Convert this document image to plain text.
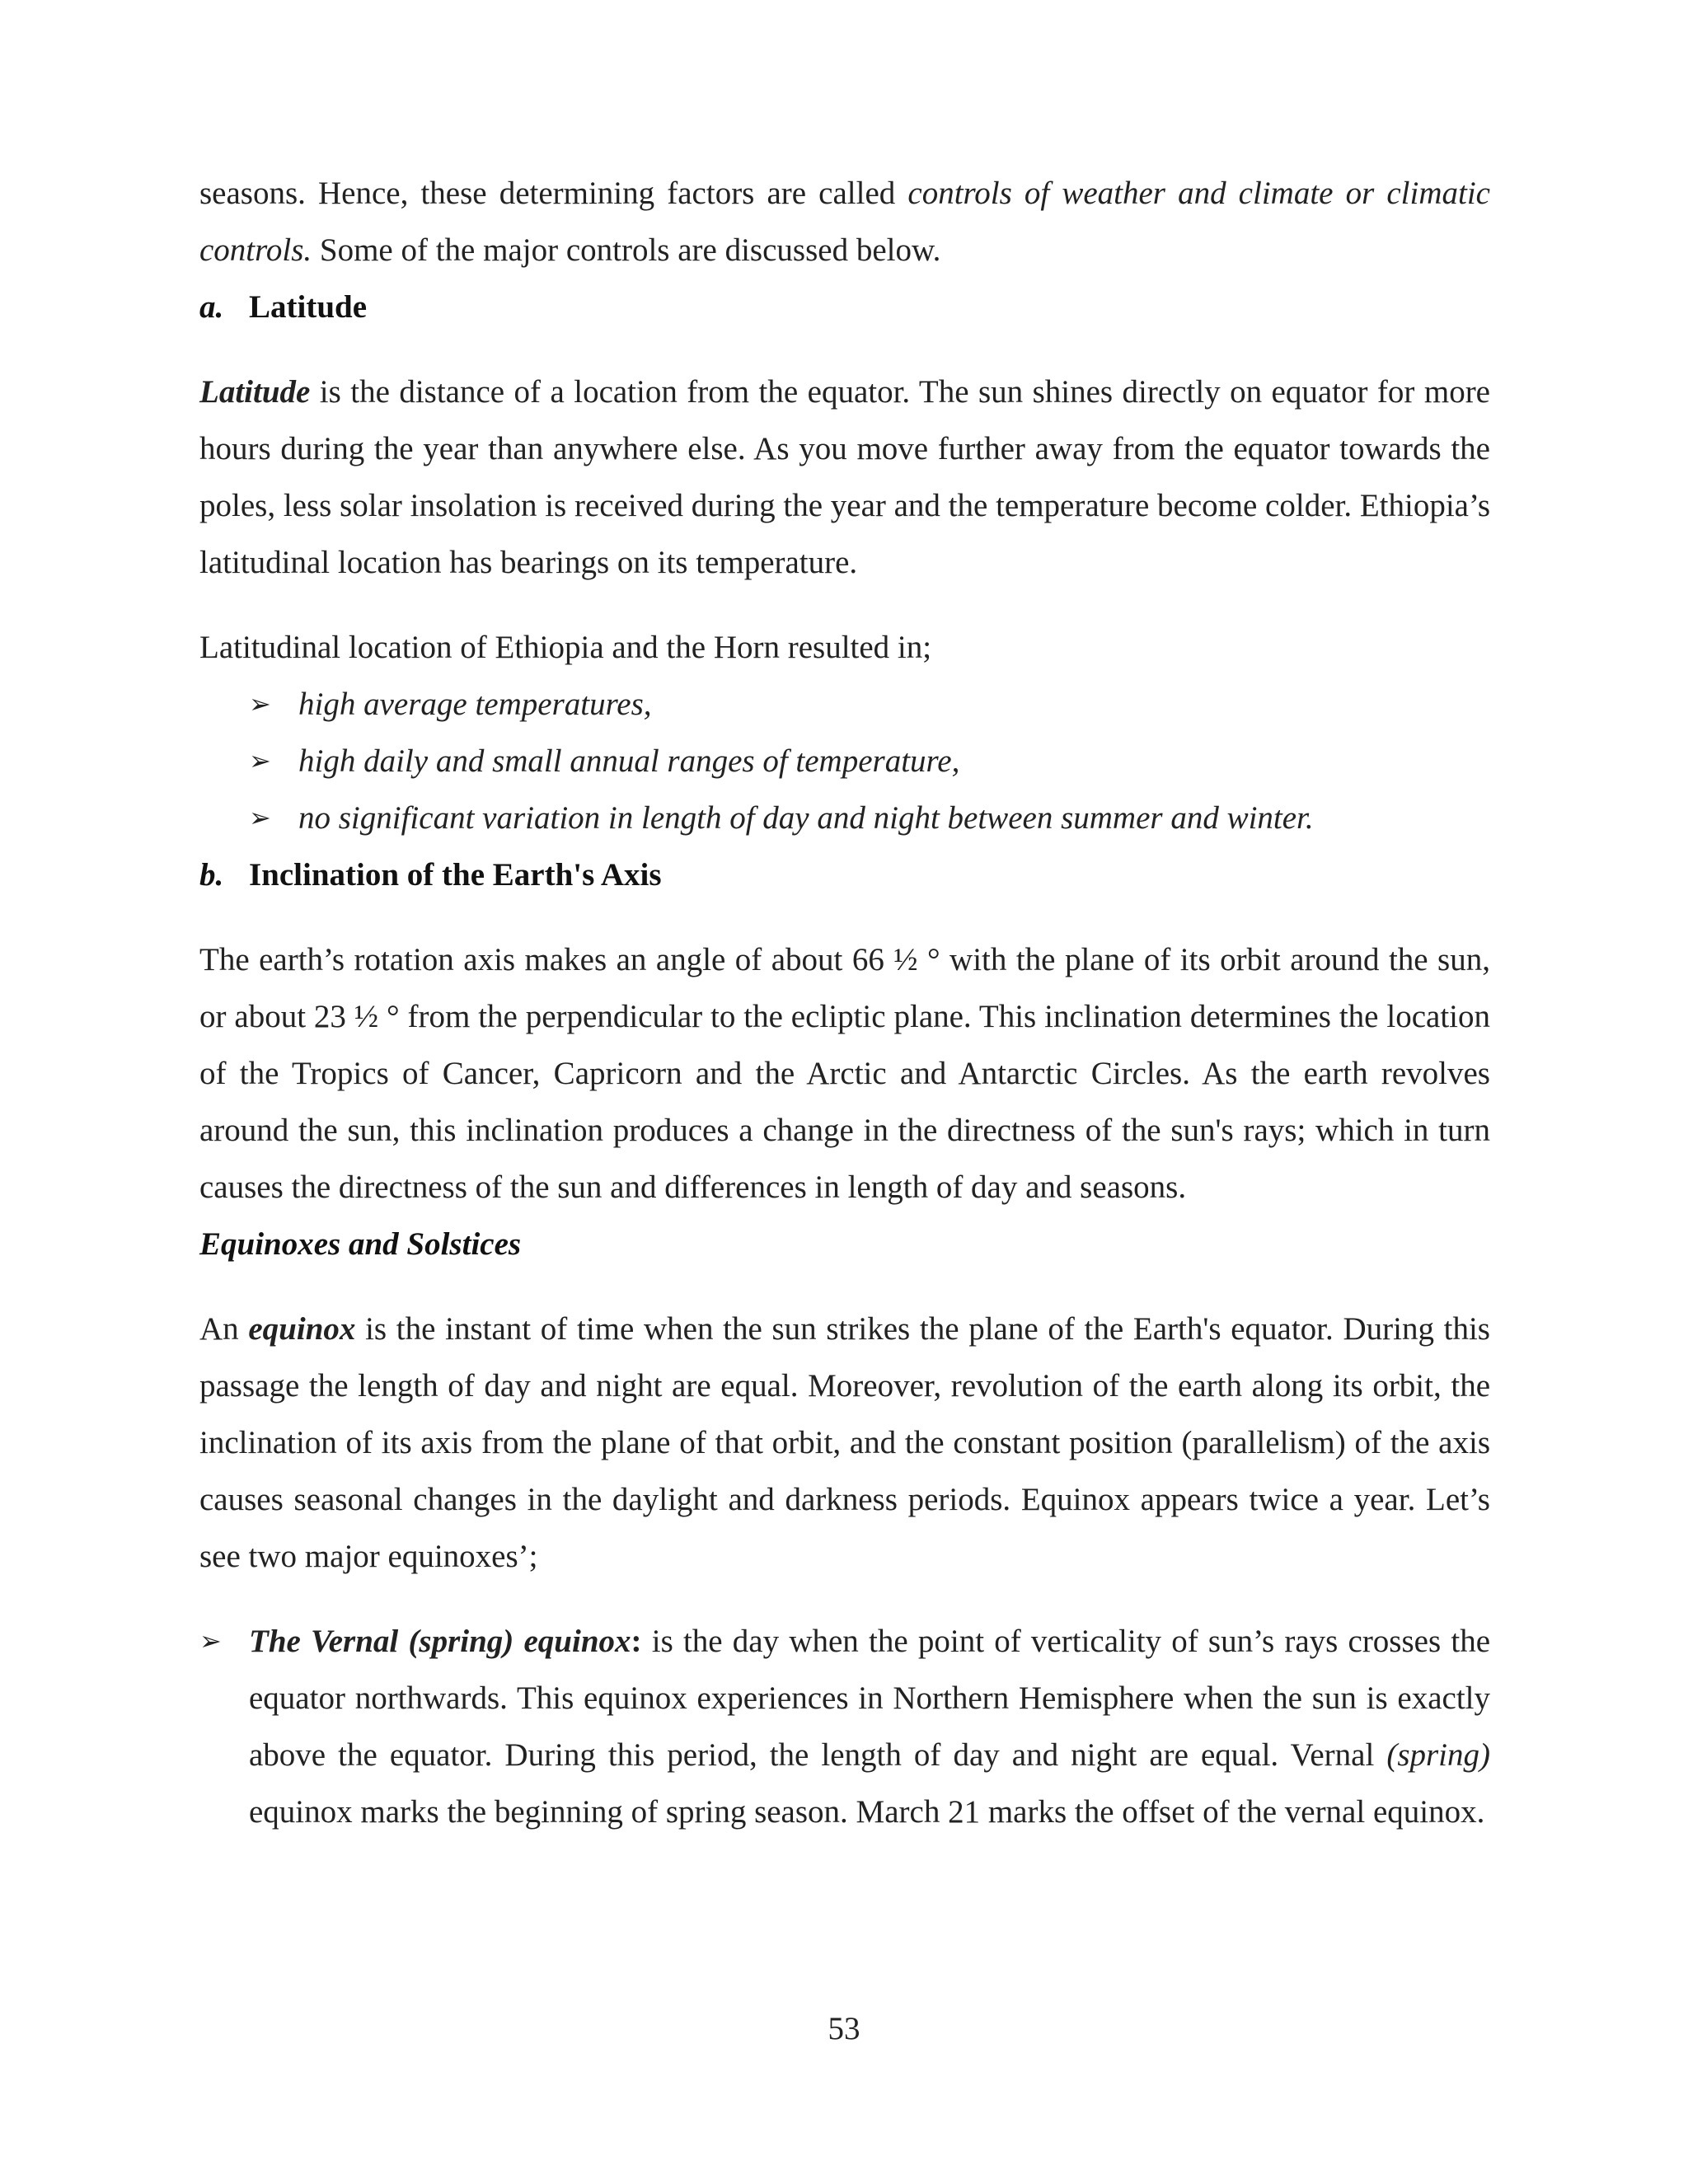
seasons. Hence, these determining factors are called controls of weather and climate or climatic controls. Some of the major controls are discussed below.

a. Latitude

Latitude is the distance of a location from the equator. The sun shines directly on equator for more hours during the year than anywhere else. As you move further away from the equator towards the poles, less solar insolation is received during the year and the temperature become colder. Ethiopia’s latitudinal location has bearings on its temperature.

Latitudinal location of Ethiopia and the Horn resulted in;

➢ high average temperatures,
➢ high daily and small annual ranges of temperature,
➢ no significant variation in length of day and night between summer and winter.
b. Inclination of the Earth's Axis

The earth’s rotation axis makes an angle of about 66 ½ ° with the plane of its orbit around the sun, or about 23 ½ ° from the perpendicular to the ecliptic plane. This inclination determines the location of the Tropics of Cancer, Capricorn and the Arctic and Antarctic Circles. As the earth revolves around the sun, this inclination produces a change in the directness of the sun's rays; which in turn causes the directness of the sun and differences in length of day and seasons.

Equinoxes and Solstices

An equinox is the instant of time when the sun strikes the plane of the Earth's equator. During this passage the length of day and night are equal. Moreover, revolution of the earth along its orbit, the inclination of its axis from the plane of that orbit, and the constant position (parallelism) of the axis causes seasonal changes in the daylight and darkness periods. Equinox appears twice a year. Let’s see two major equinoxes’;

➢ The Vernal (spring) equinox: is the day when the point of verticality of sun’s rays crosses the equator northwards. This equinox experiences in Northern Hemisphere when the sun is exactly above the equator. During this period, the length of day and night are equal. Vernal (spring) equinox marks the beginning of spring season. March 21 marks the offset of the vernal equinox.

53
